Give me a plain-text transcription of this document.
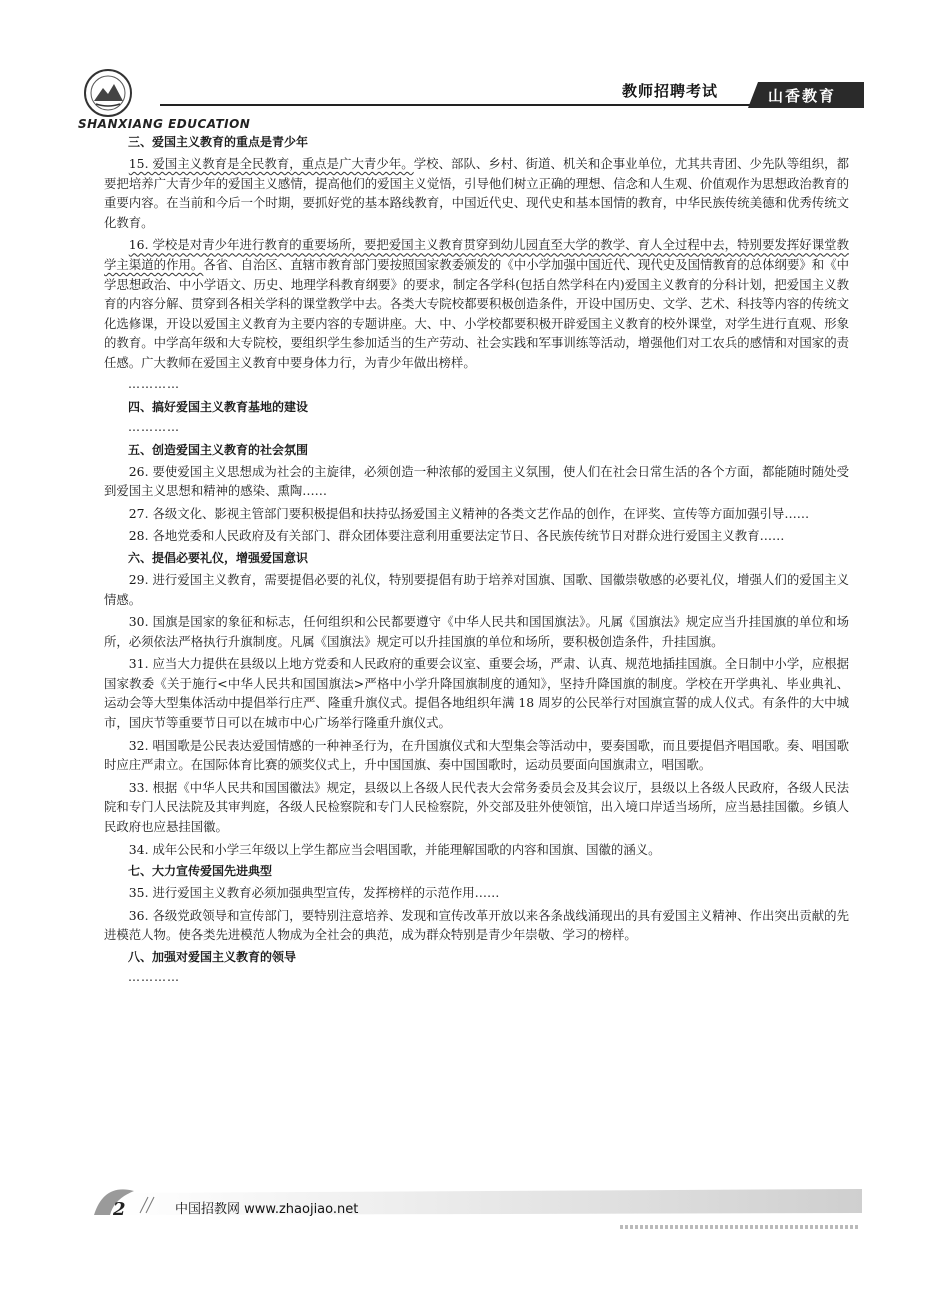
SHANXIANG EDUCATION
教师招聘考试	山香教育
三、爱国主义教育的重点是青少年

15. 爱国主义教育是全民教育，重点是广大青少年。学校、部队、乡村、街道、机关和企事业单位，尤其共青团、少先队等组织，都要把培养广大青少年的爱国主义感情，提高他们的爱国主义觉悟，引导他们树立正确的理想、信念和人生观、价值观作为思想政治教育的重要内容。在当前和今后一个时期，要抓好党的基本路线教育，中国近代史、现代史和基本国情的教育，中华民族传统美德和优秀传统文化教育。

16. 学校是对青少年进行教育的重要场所，要把爱国主义教育贯穿到幼儿园直至大学的教学、育人全过程中去，特别要发挥好课堂教学主渠道的作用。各省、自治区、直辖市教育部门要按照国家教委颁发的《中小学加强中国近代、现代史及国情教育的总体纲要》和《中学思想政治、中小学语文、历史、地理学科教育纲要》的要求，制定各学科(包括自然学科在内)爱国主义教育的分科计划，把爱国主义教育的内容分解、贯穿到各相关学科的课堂教学中去。各类大专院校都要积极创造条件，开设中国历史、文学、艺术、科技等内容的传统文化选修课，开设以爱国主义教育为主要内容的专题讲座。大、中、小学校都要积极开辟爱国主义教育的校外课堂，对学生进行直观、形象的教育。中学高年级和大专院校，要组织学生参加适当的生产劳动、社会实践和军事训练等活动，增强他们对工农兵的感情和对国家的责任感。广大教师在爱国主义教育中要身体力行，为青少年做出榜样。

…………
四、搞好爱国主义教育基地的建设
…………
五、创造爱国主义教育的社会氛围

26. 要使爱国主义思想成为社会的主旋律，必须创造一种浓郁的爱国主义氛围，使人们在社会日常生活的各个方面，都能随时随处受到爱国主义思想和精神的感染、熏陶……

27. 各级文化、影视主管部门要积极提倡和扶持弘扬爱国主义精神的各类文艺作品的创作，在评奖、宣传等方面加强引导……

28. 各地党委和人民政府及有关部门、群众团体要注意利用重要法定节日、各民族传统节日对群众进行爱国主义教育……

六、提倡必要礼仪，增强爱国意识

29. 进行爱国主义教育，需要提倡必要的礼仪，特别要提倡有助于培养对国旗、国歌、国徽崇敬感的必要礼仪，增强人们的爱国主义情感。

30. 国旗是国家的象征和标志，任何组织和公民都要遵守《中华人民共和国国旗法》。凡属《国旗法》规定应当升挂国旗的单位和场所，必须依法严格执行升旗制度。凡属《国旗法》规定可以升挂国旗的单位和场所，要积极创造条件，升挂国旗。

31. 应当大力提供在县级以上地方党委和人民政府的重要会议室、重要会场，严肃、认真、规范地插挂国旗。全日制中小学，应根据国家教委《关于施行<中华人民共和国国旗法>严格中小学升降国旗制度的通知》，坚持升降国旗的制度。学校在开学典礼、毕业典礼、运动会等大型集体活动中提倡举行庄严、隆重升旗仪式。提倡各地组织年满 18 周岁的公民举行对国旗宣誓的成人仪式。有条件的大中城市，国庆节等重要节日可以在城市中心广场举行隆重升旗仪式。

32. 唱国歌是公民表达爱国情感的一种神圣行为，在升国旗仪式和大型集会等活动中，要奏国歌，而且要提倡齐唱国歌。奏、唱国歌时应庄严肃立。在国际体育比赛的颁奖仪式上，升中国国旗、奏中国国歌时，运动员要面向国旗肃立，唱国歌。

33. 根据《中华人民共和国国徽法》规定，县级以上各级人民代表大会常务委员会及其会议厅，县级以上各级人民政府，各级人民法院和专门人民法院及其审判庭，各级人民检察院和专门人民检察院，外交部及驻外使领馆，出入境口岸适当场所，应当悬挂国徽。乡镇人民政府也应悬挂国徽。

34. 成年公民和小学三年级以上学生都应当会唱国歌，并能理解国歌的内容和国旗、国徽的涵义。

七、大力宣传爱国先进典型

35. 进行爱国主义教育必须加强典型宣传，发挥榜样的示范作用……

36. 各级党政领导和宣传部门，要特别注意培养、发现和宣传改革开放以来各条战线涌现出的具有爱国主义精神、作出突出贡献的先进模范人物。使各类先进模范人物成为全社会的典范，成为群众特别是青少年崇敬、学习的榜样。

八、加强对爱国主义教育的领导
…………
2	中国招教网 www.zhaojiao.net
